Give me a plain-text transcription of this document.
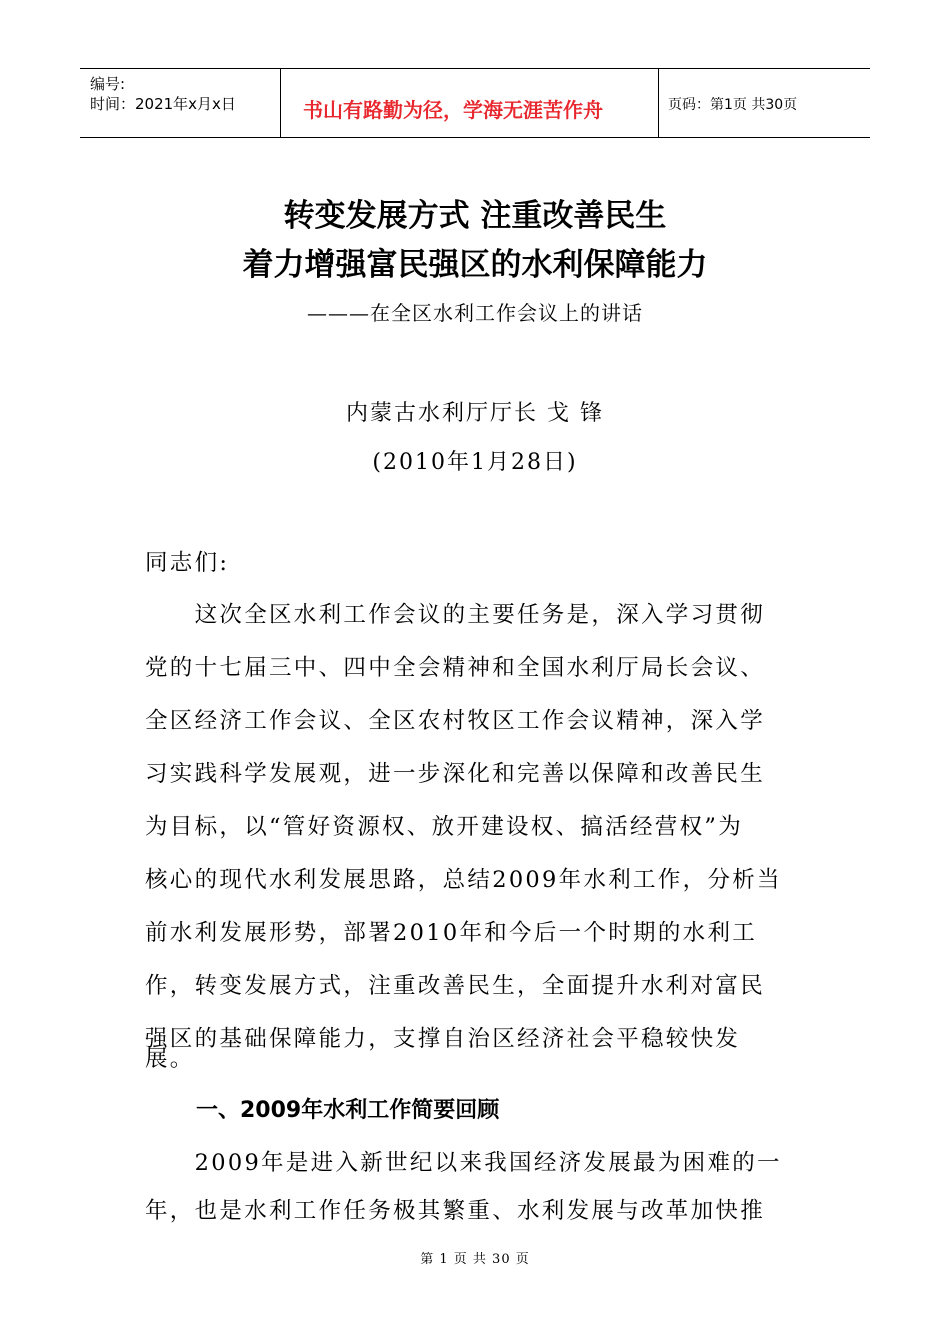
编号:
时间：2021年x月x日	书山有路勤为径，学海无涯苦作舟	页码：第1页 共30页
转变发展方式 注重改善民生
着力增强富民强区的水利保障能力
———在全区水利工作会议上的讲话
内蒙古水利厅厅长 戈 锋
(2010年1月28日)
同志们:
　　这次全区水利工作会议的主要任务是，深入学习贯彻
党的十七届三中、四中全会精神和全国水利厅局长会议、
全区经济工作会议、全区农村牧区工作会议精神，深入学
习实践科学发展观，进一步深化和完善以保障和改善民生
为目标，以“管好资源权、放开建设权、搞活经营权”为
核心的现代水利发展思路，总结2009年水利工作，分析当
前水利发展形势，部署2010年和今后一个时期的水利工
作，转变发展方式，注重改善民生，全面提升水利对富民
强区的基础保障能力，支撑自治区经济社会平稳较快发
展。
一、2009年水利工作简要回顾
　　2009年是进入新世纪以来我国经济发展最为困难的一
年，也是水利工作任务极其繁重、水利发展与改革加快推
第 1 页 共 30 页
